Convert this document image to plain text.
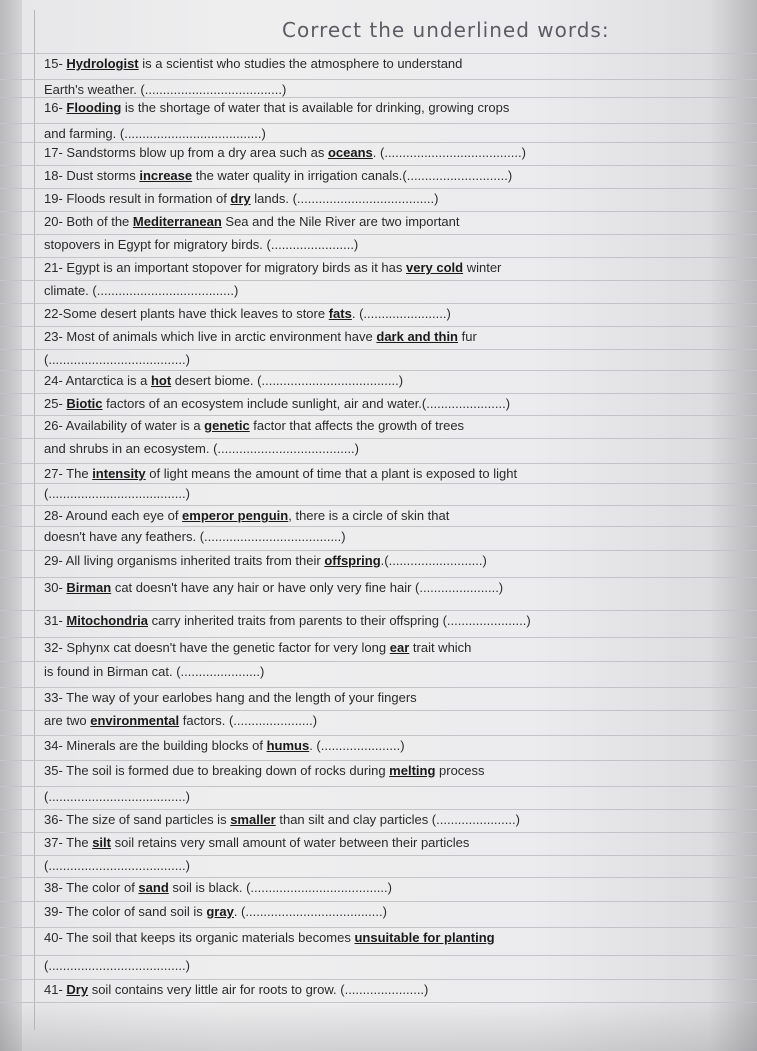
Correct the underlined words:

15- Hydrologist is a scientist who studies the atmosphere to understand

Earth's weather. (......................................)

16- Flooding is the shortage of water that is available for drinking, growing crops

and farming. (......................................)

17- Sandstorms blow up from a dry area such as oceans. (......................................)

18- Dust storms increase the water quality in irrigation canals.(............................)

19- Floods result in formation of dry lands. (......................................)

20- Both of the Mediterranean Sea and the Nile River are two important

stopovers in Egypt for migratory birds. (.......................)

21- Egypt is an important stopover for migratory birds as it has very cold winter

climate. (......................................)

22-Some desert plants have thick leaves to store fats. (.......................)

23- Most of animals which live in arctic environment have dark and thin fur

(......................................)

24- Antarctica is a hot desert biome. (......................................)

25- Biotic factors of an ecosystem include sunlight, air and water.(......................)

26- Availability of water is a genetic factor that affects the growth of trees

and shrubs in an ecosystem. (......................................)

27- The intensity of light means the amount of time that a plant is exposed to light

(......................................)

28- Around each eye of emperor penguin, there is a circle of skin that

doesn't have any feathers. (......................................)

29- All living organisms inherited traits from their offspring.(..........................)

30- Birman cat doesn't have any hair or have only very fine hair (......................)

31- Mitochondria carry inherited traits from parents to their offspring (......................)

32- Sphynx cat doesn't have the genetic factor for very long ear trait which

is found in Birman cat. (......................)

33- The way of your earlobes hang and the length of your fingers

are two environmental factors. (......................)

34- Minerals are the building blocks of humus. (......................)

35- The soil is formed due to breaking down of rocks during melting process

(......................................)

36- The size of sand particles is smaller than silt and clay particles (......................)

37- The silt soil retains very small amount of water between their particles

(......................................)

38- The color of sand soil is black. (......................................)

39- The color of sand soil is gray. (......................................)

40- The soil that keeps its organic materials becomes unsuitable for planting

(......................................)

41- Dry soil contains very little air for roots to grow. (......................)
